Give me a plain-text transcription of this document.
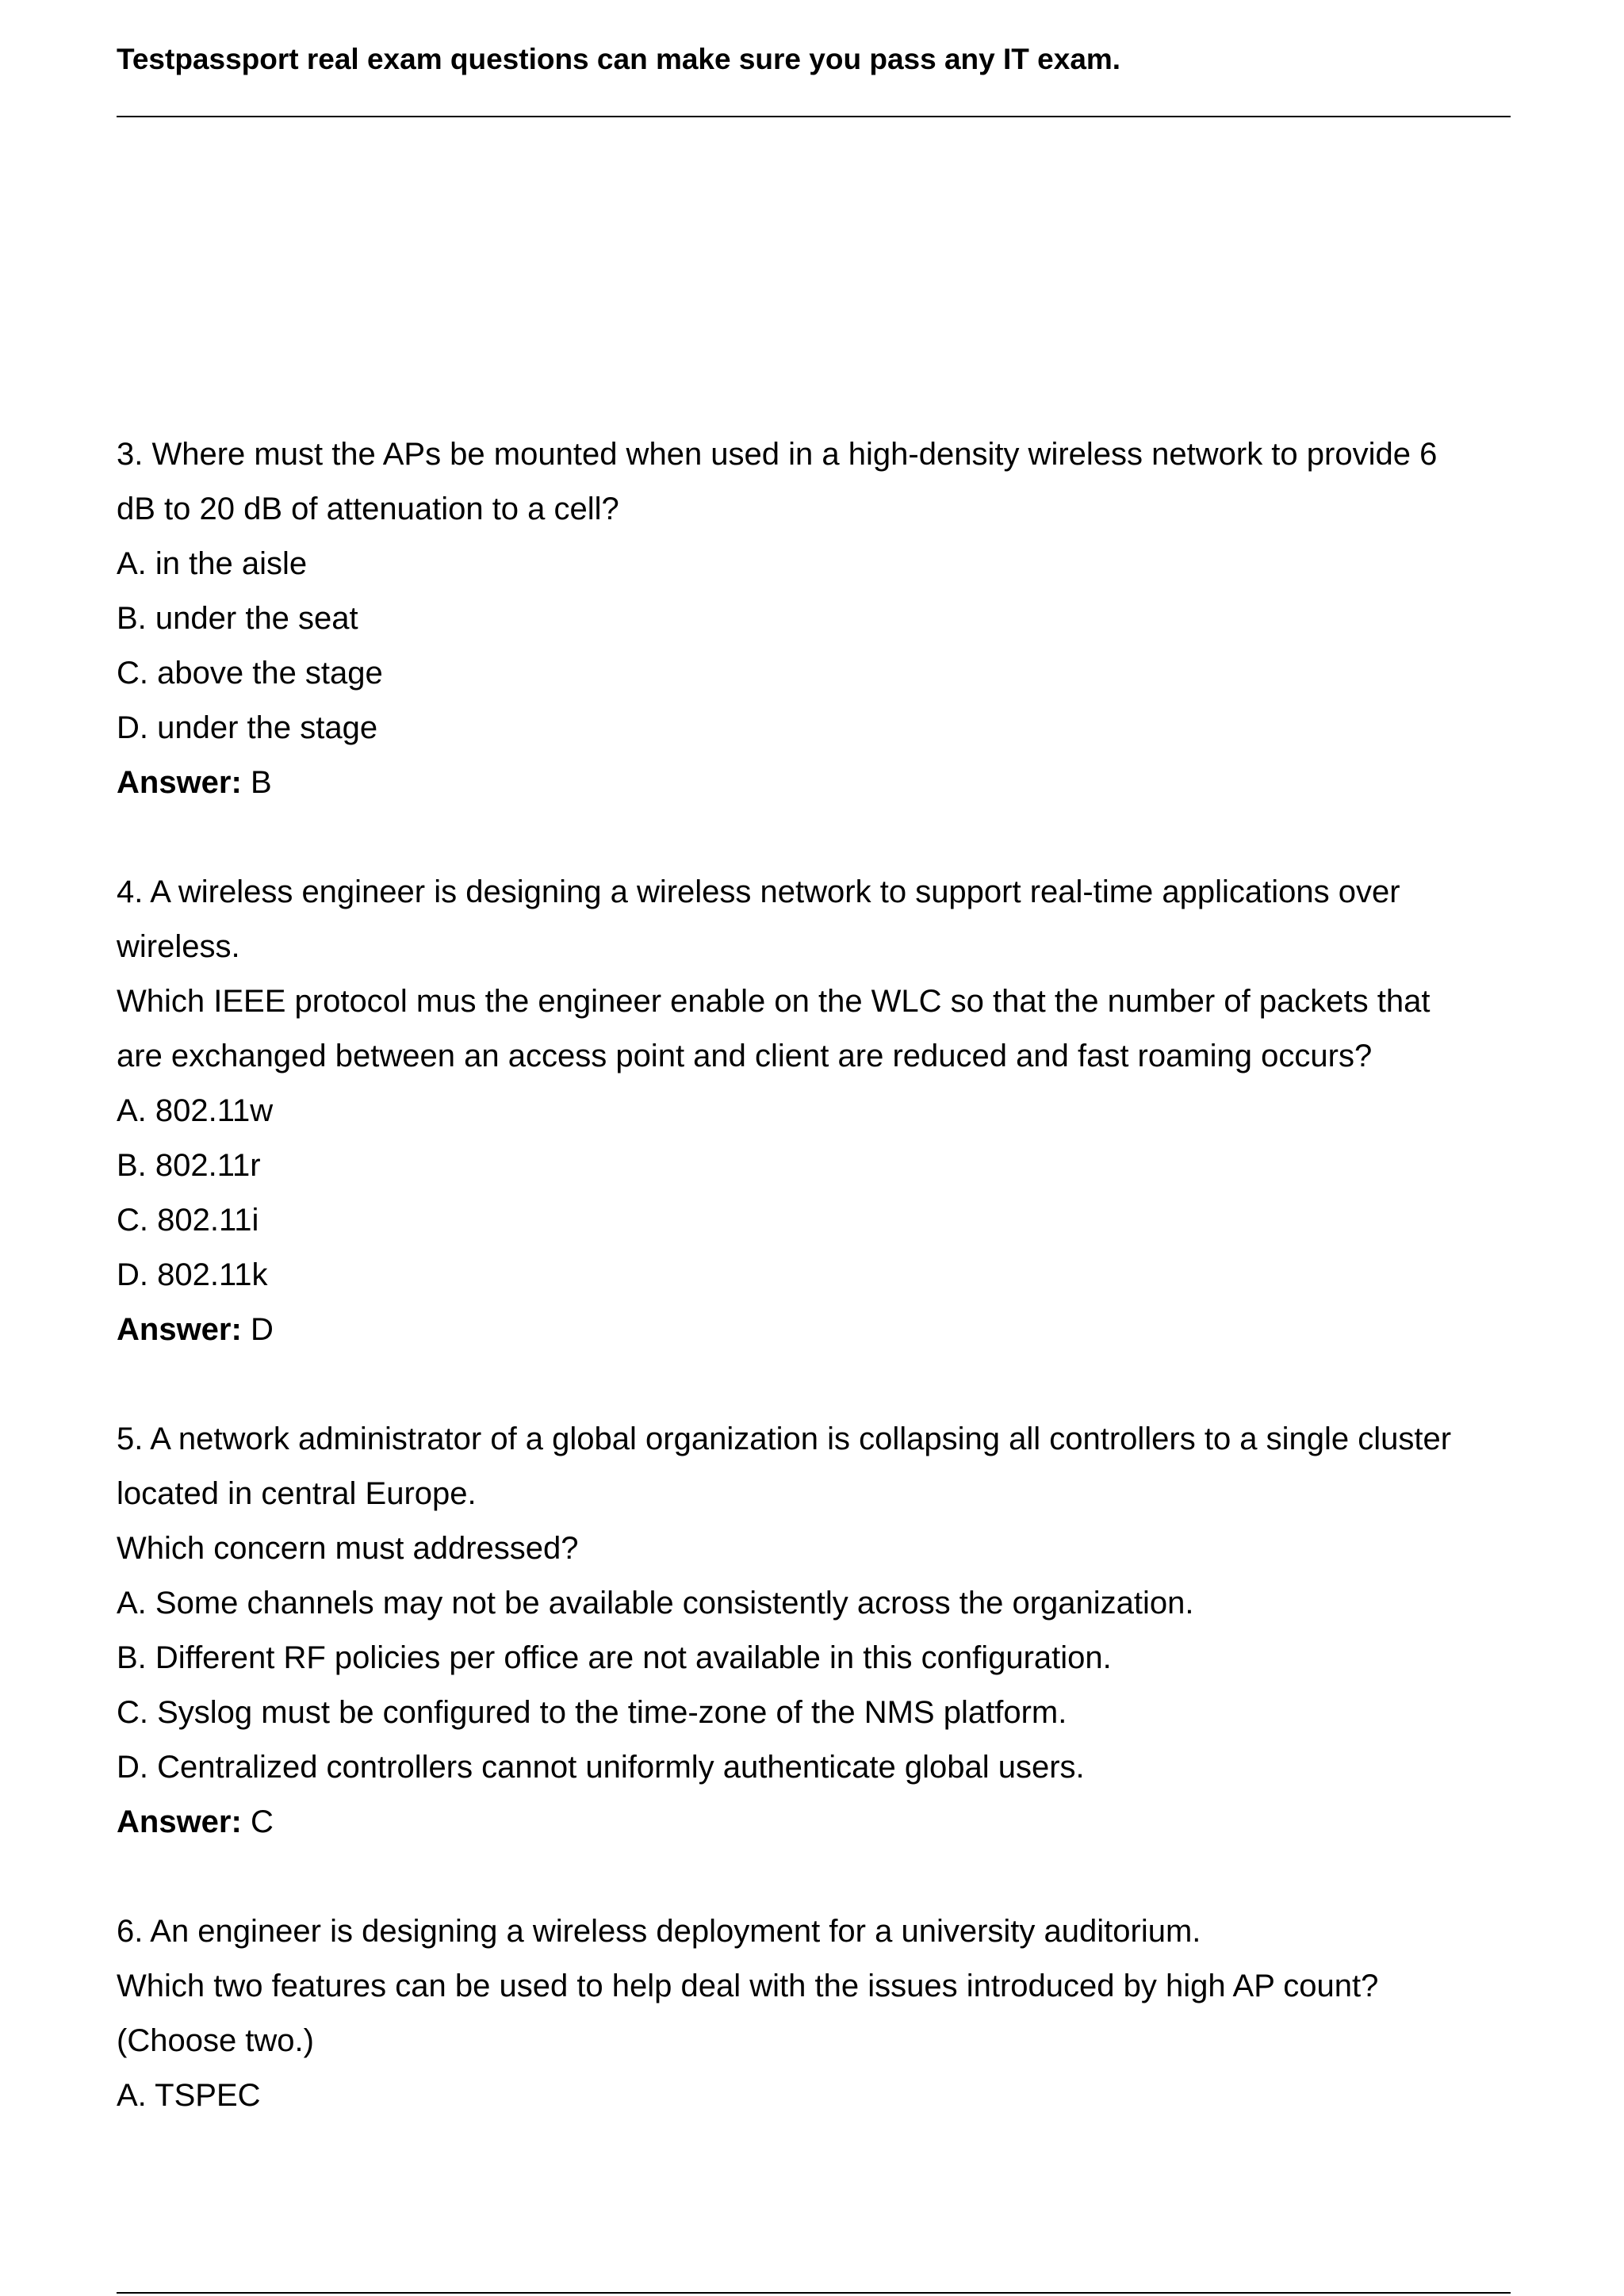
Testpassport real exam questions can make sure you pass any IT exam.
3. Where must the APs be mounted when used in a high-density wireless network to provide 6
dB to 20 dB of attenuation to a cell?
A. in the aisle
B. under the seat
C. above the stage
D. under the stage
Answer: B
4. A wireless engineer is designing a wireless network to support real-time applications over
wireless.
Which IEEE protocol mus the engineer enable on the WLC so that the number of packets that
are exchanged between an access point and client are reduced and fast roaming occurs?
A. 802.11w
B. 802.11r
C. 802.11i
D. 802.11k
Answer: D
5. A network administrator of a global organization is collapsing all controllers to a single cluster
located in central Europe.
Which concern must addressed?
A. Some channels may not be available consistently across the organization.
B. Different RF policies per office are not available in this configuration.
C. Syslog must be configured to the time-zone of the NMS platform.
D. Centralized controllers cannot uniformly authenticate global users.
Answer: C
6. An engineer is designing a wireless deployment for a university auditorium.
Which two features can be used to help deal with the issues introduced by high AP count?
(Choose two.)
A. TSPEC
